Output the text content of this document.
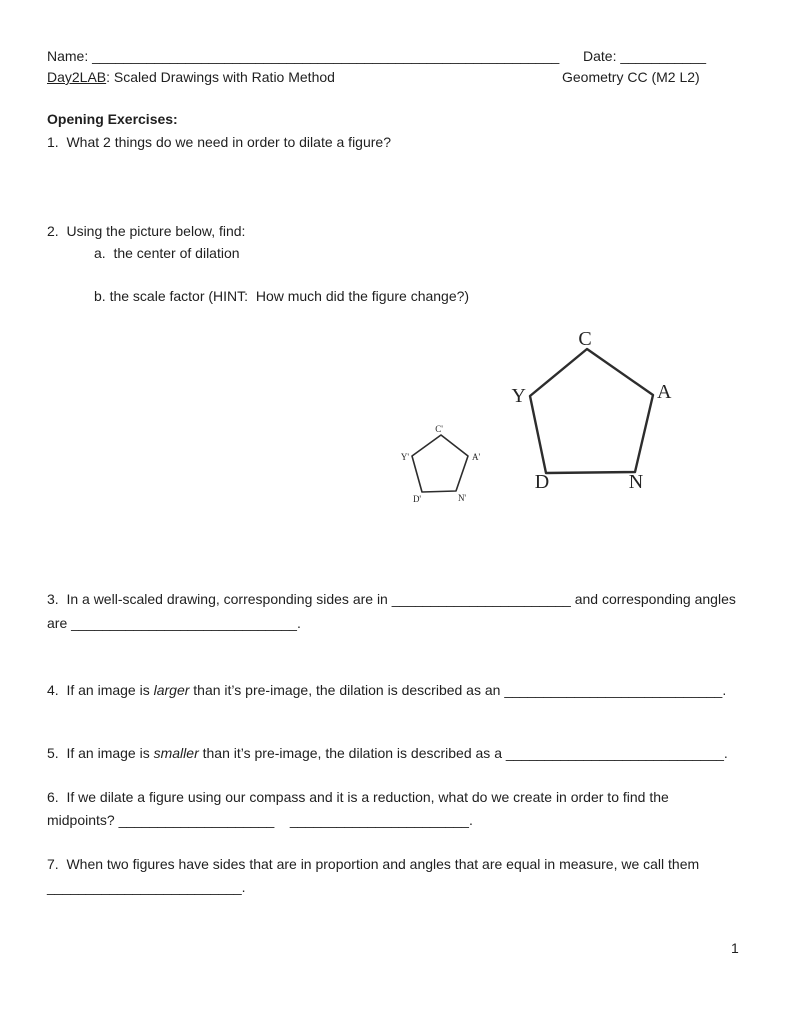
Name: ____________________________________________________________ Date: ___________
Day2LAB: Scaled Drawings with Ratio Method	Geometry CC (M2 L2)
Opening Exercises:
1.  What 2 things do we need in order to dilate a figure?
2.  Using the picture below, find:
a.  the center of dilation
b. the scale factor (HINT:  How much did the figure change?)
C
Y	A
D	N
C'
Y'	A'
D'	N'
3.  In a well-scaled drawing, corresponding sides are in _______________________ and corresponding angles
are _____________________________.
4.  If an image is larger than it’s pre-image, the dilation is described as an ____________________________.
5.  If an image is smaller than it’s pre-image, the dilation is described as a ____________________________.
6.  If we dilate a figure using our compass and it is a reduction, what do we create in order to find the
midpoints? ____________________ _______________________.
7.  When two figures have sides that are in proportion and angles that are equal in measure, we call them
_________________________.
1
